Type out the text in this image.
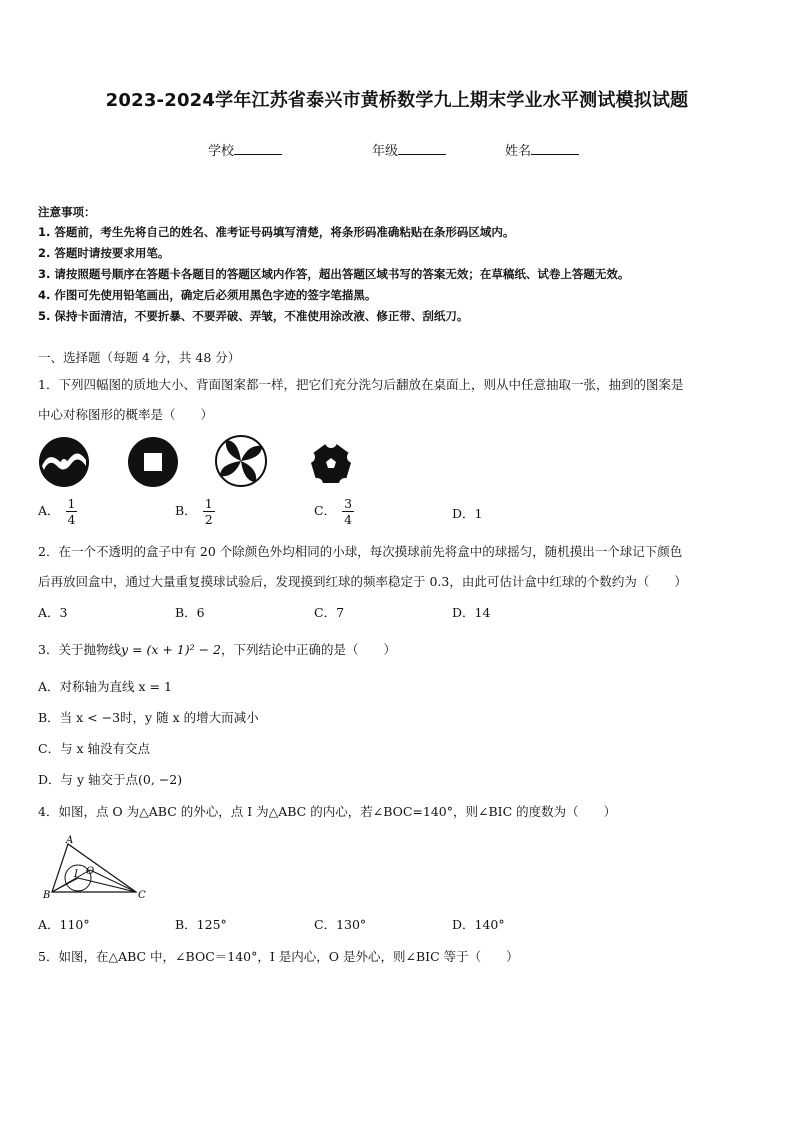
2023-2024学年江苏省泰兴市黄桥数学九上期末学业水平测试模拟试题
学校	年级	姓名
注意事项：
1. 答题前，考生先将自己的姓名、准考证号码填写清楚，将条形码准确粘贴在条形码区域内。
2. 答题时请按要求用笔。
3. 请按照题号顺序在答题卡各题目的答题区域内作答，超出答题区域书写的答案无效；在草稿纸、试卷上答题无效。
4. 作图可先使用铅笔画出，确定后必须用黑色字迹的签字笔描黑。
5. 保持卡面清洁，不要折暴、不要弄破、弄皱，不准使用涂改液、修正带、刮纸刀。
一、选择题（每题 4 分，共 48 分）
1．下列四幅图的质地大小、背面图案都一样，把它们充分洗匀后翻放在桌面上，则从中任意抽取一张，抽到的图案是
中心对称图形的概率是（　　）
A． $\frac{1}{4}$	B． $\frac{1}{2}$	C． $\frac{3}{4}$	D．1
2．在一个不透明的盒子中有 20 个除颜色外均相同的小球，每次摸球前先将盒中的球摇匀，随机摸出一个球记下颜色
后再放回盒中，通过大量重复摸球试验后，发现摸到红球的频率稳定于 0.3，由此可估计盒中红球的个数约为（　　）
A．3	B．6	C．7	D．14
3．关于抛物线y = (x + 1)² − 2，下列结论中正确的是（　　）
A．对称轴为直线 x = 1
B．当 x < −3时，y 随 x 的增大而减小
C．与 x 轴没有交点
D．与 y 轴交于点(0, −2)
4．如图，点 O 为△ABC 的外心，点 I 为△ABC 的内心，若∠BOC=140°，则∠BIC 的度数为（　　）
A
B	C
I O
A．110°	B．125°	C．130°	D．140°
5．如图，在△ABC 中，∠BOC＝140°，I 是内心，O 是外心，则∠BIC 等于（　　）
